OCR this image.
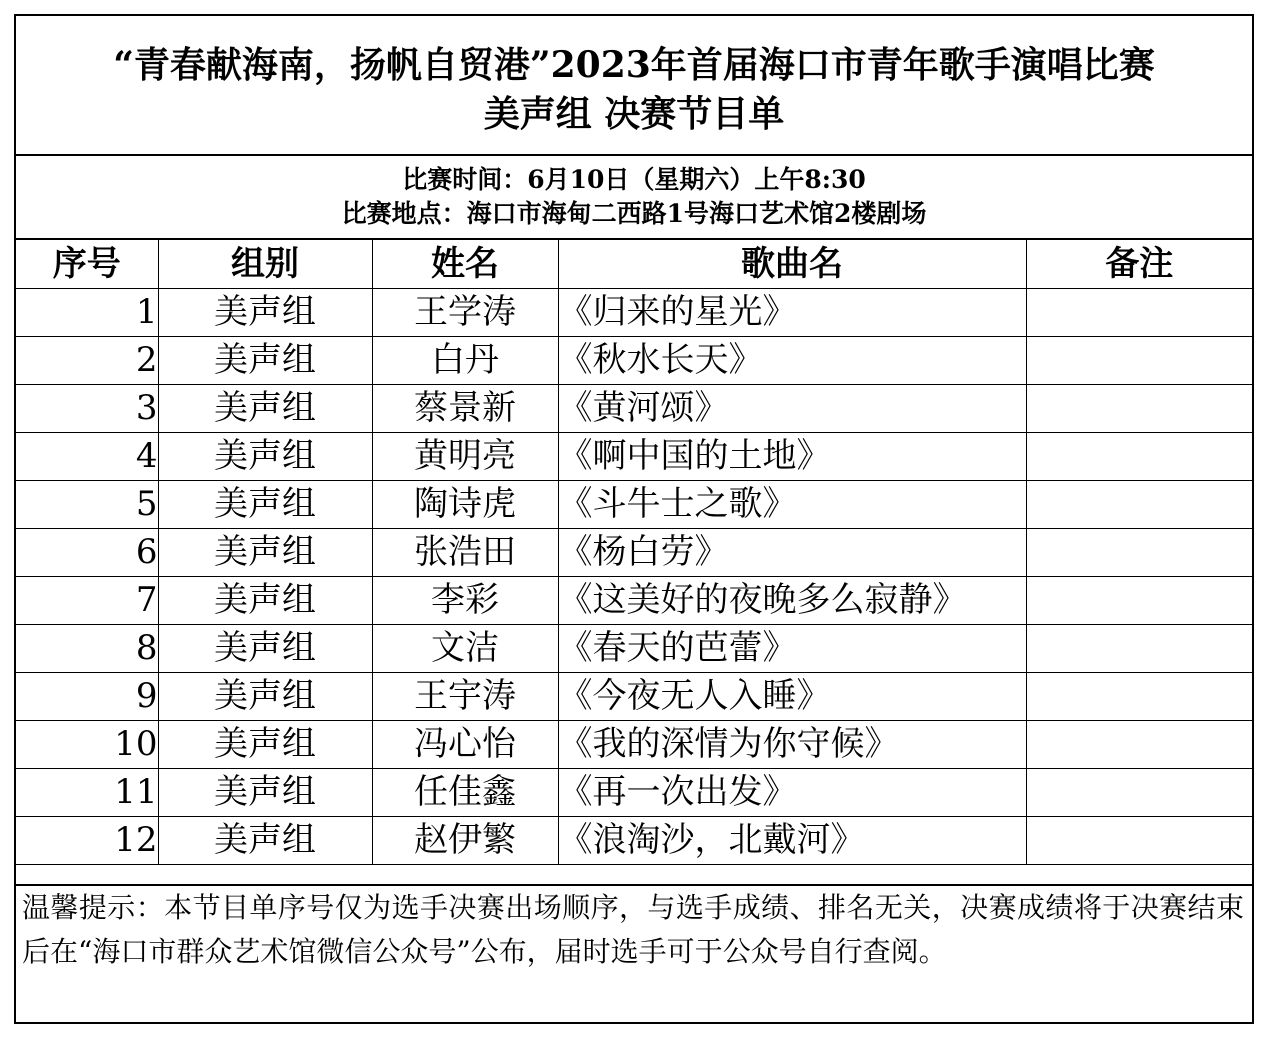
“青春献海南，扬帆自贸港”2023年首届海口市青年歌手演唱比赛
美声组 决赛节目单
比赛时间：6月10日（星期六）上午8:30
比赛地点：海口市海甸二西路1号海口艺术馆2楼剧场
序号	组别	姓名	歌曲名	备注
1	美声组	王学涛	《归来的星光》	
2	美声组	白丹	《秋水长天》	
3	美声组	蔡景新	《黄河颂》	
4	美声组	黄明亮	《啊中国的土地》	
5	美声组	陶诗虎	《斗牛士之歌》	
6	美声组	张浩田	《杨白劳》	
7	美声组	李彩	《这美好的夜晚多么寂静》	
8	美声组	文洁	《春天的芭蕾》	
9	美声组	王宇涛	《今夜无人入睡》	
10	美声组	冯心怡	《我的深情为你守候》	
11	美声组	任佳鑫	《再一次出发》	
12	美声组	赵伊繁	《浪淘沙，北戴河》	
温馨提示：本节目单序号仅为选手决赛出场顺序，与选手成绩、排名无关，决赛成绩将于决赛结束后在“海口市群众艺术馆微信公众号”公布，届时选手可于公众号自行查阅。
